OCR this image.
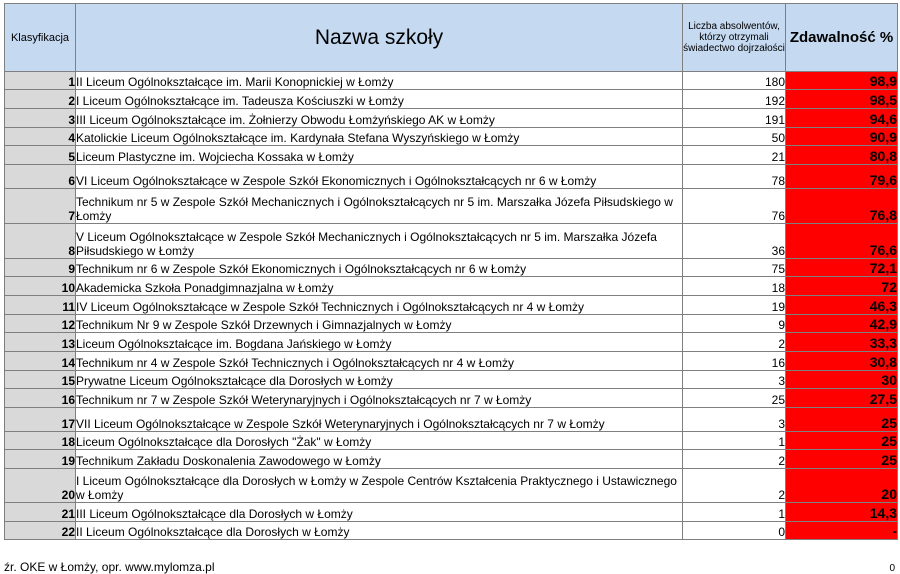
Klasyfikacja	Nazwa szkoły	Liczba absolwentów, którzy otrzymali świadectwo dojrzałości	Zdawalność %
1	II Liceum Ogólnokształcące im. Marii Konopnickiej w Łomży	180	98,9
2	I Liceum Ogólnokształcące im. Tadeusza Kościuszki w Łomży	192	98,5
3	III Liceum Ogólnokształcące im. Żołnierzy Obwodu Łomżyńskiego AK w Łomży	191	94,6
4	Katolickie Liceum Ogólnokształcące im. Kardynała Stefana Wyszyńskiego w Łomży	50	90,9
5	Liceum Plastyczne im. Wojciecha Kossaka w Łomży	21	80,8
6	VI Liceum Ogólnokształcące w Zespole Szkół Ekonomicznych i Ogólnokształcących nr 6 w Łomży	78	79,6
7	Technikum nr 5 w Zespole Szkół Mechanicznych i Ogólnokształcących nr 5 im. Marszałka Józefa Piłsudskiego w Łomży	76	76,8
8	V Liceum Ogólnokształcące w Zespole Szkół Mechanicznych i Ogólnokształcących nr 5 im. Marszałka Józefa Piłsudskiego w Łomży	36	76,6
9	Technikum nr 6 w Zespole Szkół Ekonomicznych i Ogólnokształcących nr 6 w Łomży	75	72,1
10	Akademicka Szkoła Ponadgimnazjalna w Łomży	18	72
11	IV Liceum Ogólnokształcące w Zespole Szkół Technicznych i Ogólnokształcących nr 4 w Łomży	19	46,3
12	Technikum Nr 9 w Zespole Szkół Drzewnych i Gimnazjalnych w Łomży	9	42,9
13	Liceum Ogólnokształcące im. Bogdana Jańskiego w Łomży	2	33,3
14	Technikum nr 4 w Zespole Szkół Technicznych i Ogólnokształcących nr 4 w Łomży	16	30,8
15	Prywatne Liceum Ogólnokształcące dla Dorosłych w Łomży	3	30
16	Technikum nr 7 w Zespole Szkół Weterynaryjnych i Ogólnokształcących nr 7 w Łomży	25	27,5
17	VII Liceum Ogólnokształcące w Zespole Szkół Weterynaryjnych i Ogólnokształcących nr 7 w Łomży	3	25
18	Liceum Ogólnokształcące dla Dorosłych "Żak" w Łomży	1	25
19	Technikum Zakładu Doskonalenia Zawodowego w Łomży	2	25
20	I Liceum Ogólnokształcące dla Dorosłych w Łomży w Zespole Centrów Kształcenia Praktycznego i Ustawicznego w Łomży	2	20
21	III Liceum Ogólnokształcące dla Dorosłych w Łomży	1	14,3
22	II Liceum Ogólnokształcące dla Dorosłych w Łomży	0	-
źr. OKE w Łomży, opr. www.mylomza.pl	0
